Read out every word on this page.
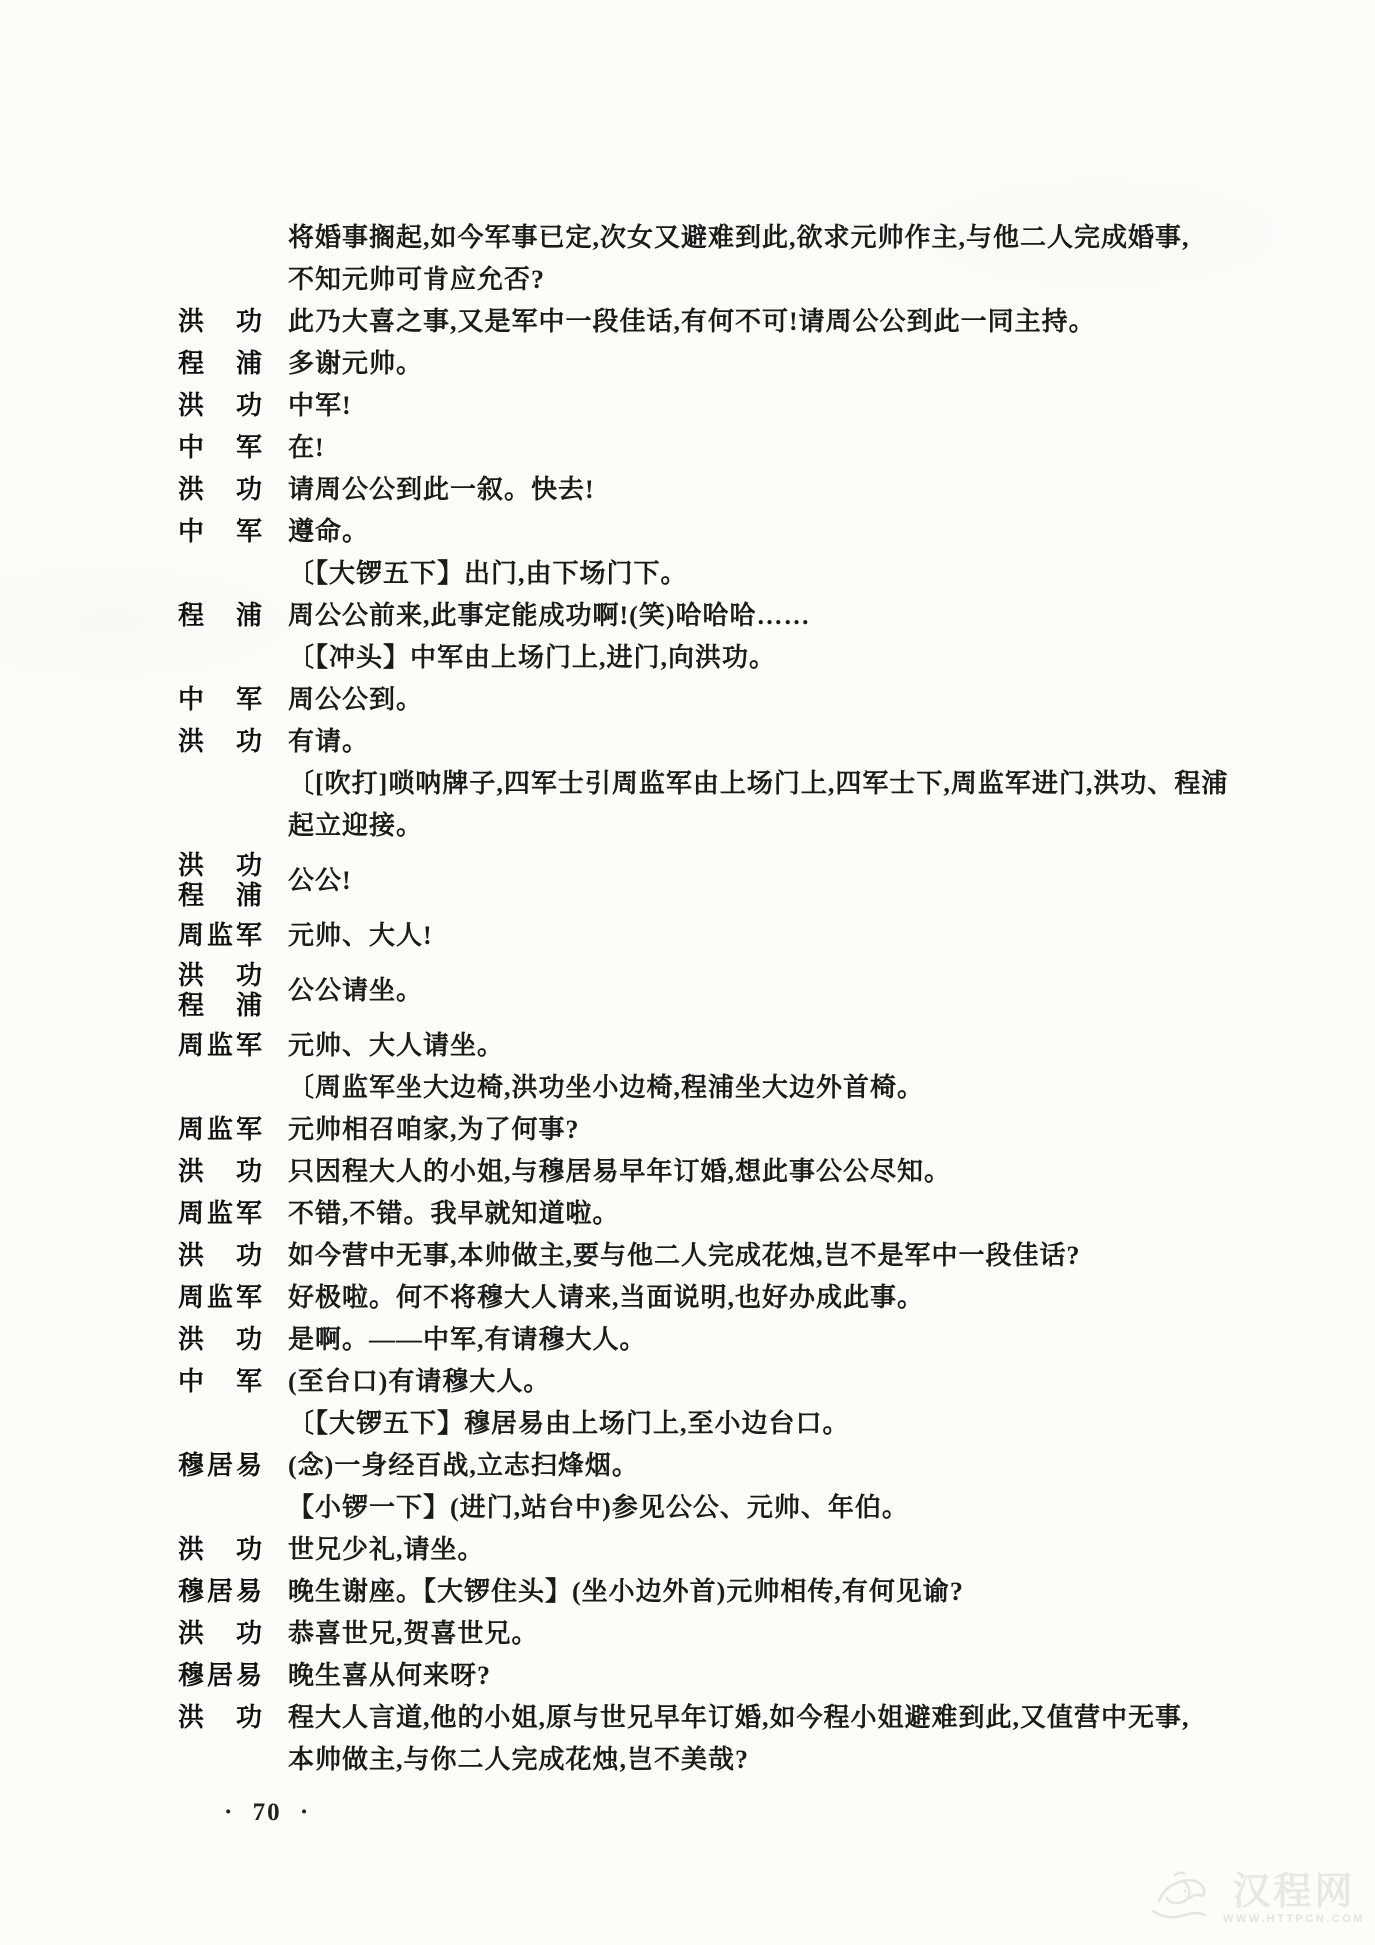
将婚事搁起,如今军事已定,次女又避难到此,欲求元帅作主,与他二人完成婚事,
不知元帅可肯应允否?
洪 功 此乃大喜之事,又是军中一段佳话,有何不可!请周公公到此一同主持。
程 浦 多谢元帅。
洪 功 中军!
中 军 在!
洪 功 请周公公到此一叙。快去!
中 军 遵命。
〔【大锣五下】出门,由下场门下。
程 浦 周公公前来,此事定能成功啊!(笑)哈哈哈……
〔【冲头】中军由上场门上,进门,向洪功。
中 军 周公公到。
洪 功 有请。
〔[吹打]唢呐牌子,四军士引周监军由上场门上,四军士下,周监军进门,洪功、程浦
起立迎接。
洪 功
程 浦
公公!
周 监 军 元帅、大人!
洪 功
程 浦
公公请坐。
周 监 军 元帅、大人请坐。
〔周监军坐大边椅,洪功坐小边椅,程浦坐大边外首椅。
周 监 军 元帅相召咱家,为了何事?
洪 功 只因程大人的小姐,与穆居易早年订婚,想此事公公尽知。
周 监 军 不错,不错。我早就知道啦。
洪 功 如今营中无事,本帅做主,要与他二人完成花烛,岂不是军中一段佳话?
周 监 军 好极啦。何不将穆大人请来,当面说明,也好办成此事。
洪 功 是啊。——中军,有请穆大人。
中 军 (至台口)有请穆大人。
〔【大锣五下】穆居易由上场门上,至小边台口。
穆 居 易 (念)一身经百战,立志扫烽烟。
【小锣一下】(进门,站台中)参见公公、元帅、年伯。
洪 功 世兄少礼,请坐。
穆 居 易 晚生谢座。【大锣住头】(坐小边外首)元帅相传,有何见谕?
洪 功 恭喜世兄,贺喜世兄。
穆 居 易 晚生喜从何来呀?
洪 功 程大人言道,他的小姐,原与世兄早年订婚,如今程小姐避难到此,又值营中无事,
本帅做主,与你二人完成花烛,岂不美哉?
· 70 ·
汉程网
WWW.HTTPCN.COM
